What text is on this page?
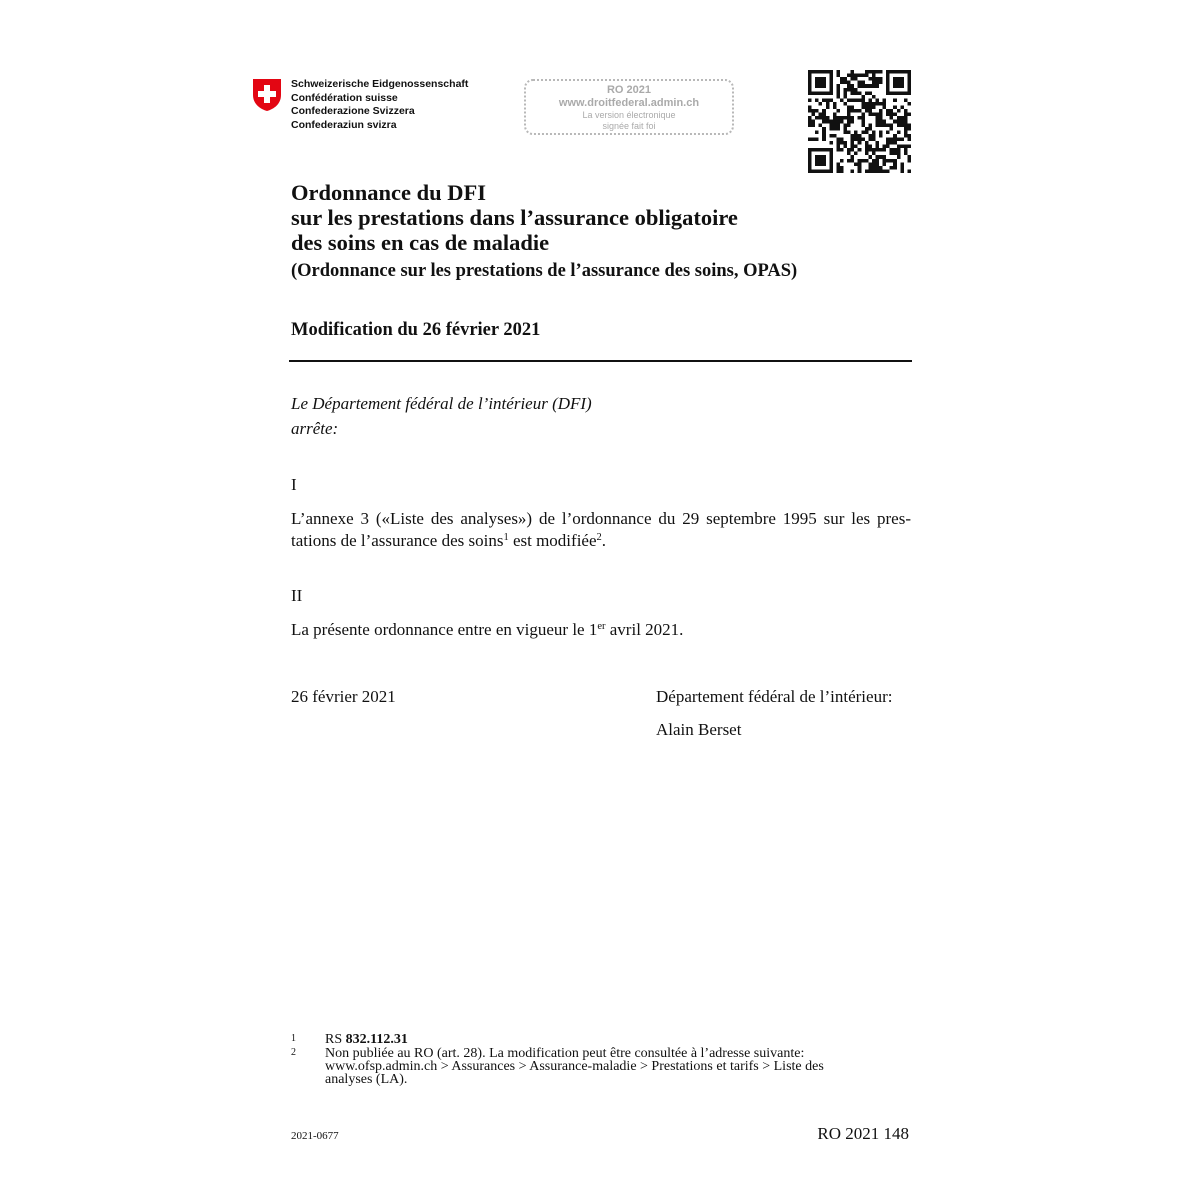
Schweizerische Eidgenossenschaft
Confédération suisse
Confederazione Svizzera
Confederaziun svizra
RO 2021
www.droitfederal.admin.ch
La version électronique
signée fait foi
Ordonnance du DFI
sur les prestations dans l’assurance obligatoire
des soins en cas de maladie
(Ordonnance sur les prestations de l’assurance des soins, OPAS)
Modification du 26 février 2021
Le Département fédéral de l’intérieur (DFI)
arrête:
I
L’annexe 3 («Liste des analyses») de l’ordonnance du 29 septembre 1995 sur les pres-
tations de l’assurance des soins$^1$ est modifiée$^2$.
II
La présente ordonnance entre en vigueur le 1er avril 2021.
26 février 2021	Département fédéral de l’intérieur:
Alain Berset
1 RS 832.112.31
2 Non publiée au RO (art. 28). La modification peut être consultée à l’adresse suivante:
www.ofsp.admin.ch > Assurances > Assurance-maladie > Prestations et tarifs > Liste des
analyses (LA).
2021-0677	RO 2021 148
